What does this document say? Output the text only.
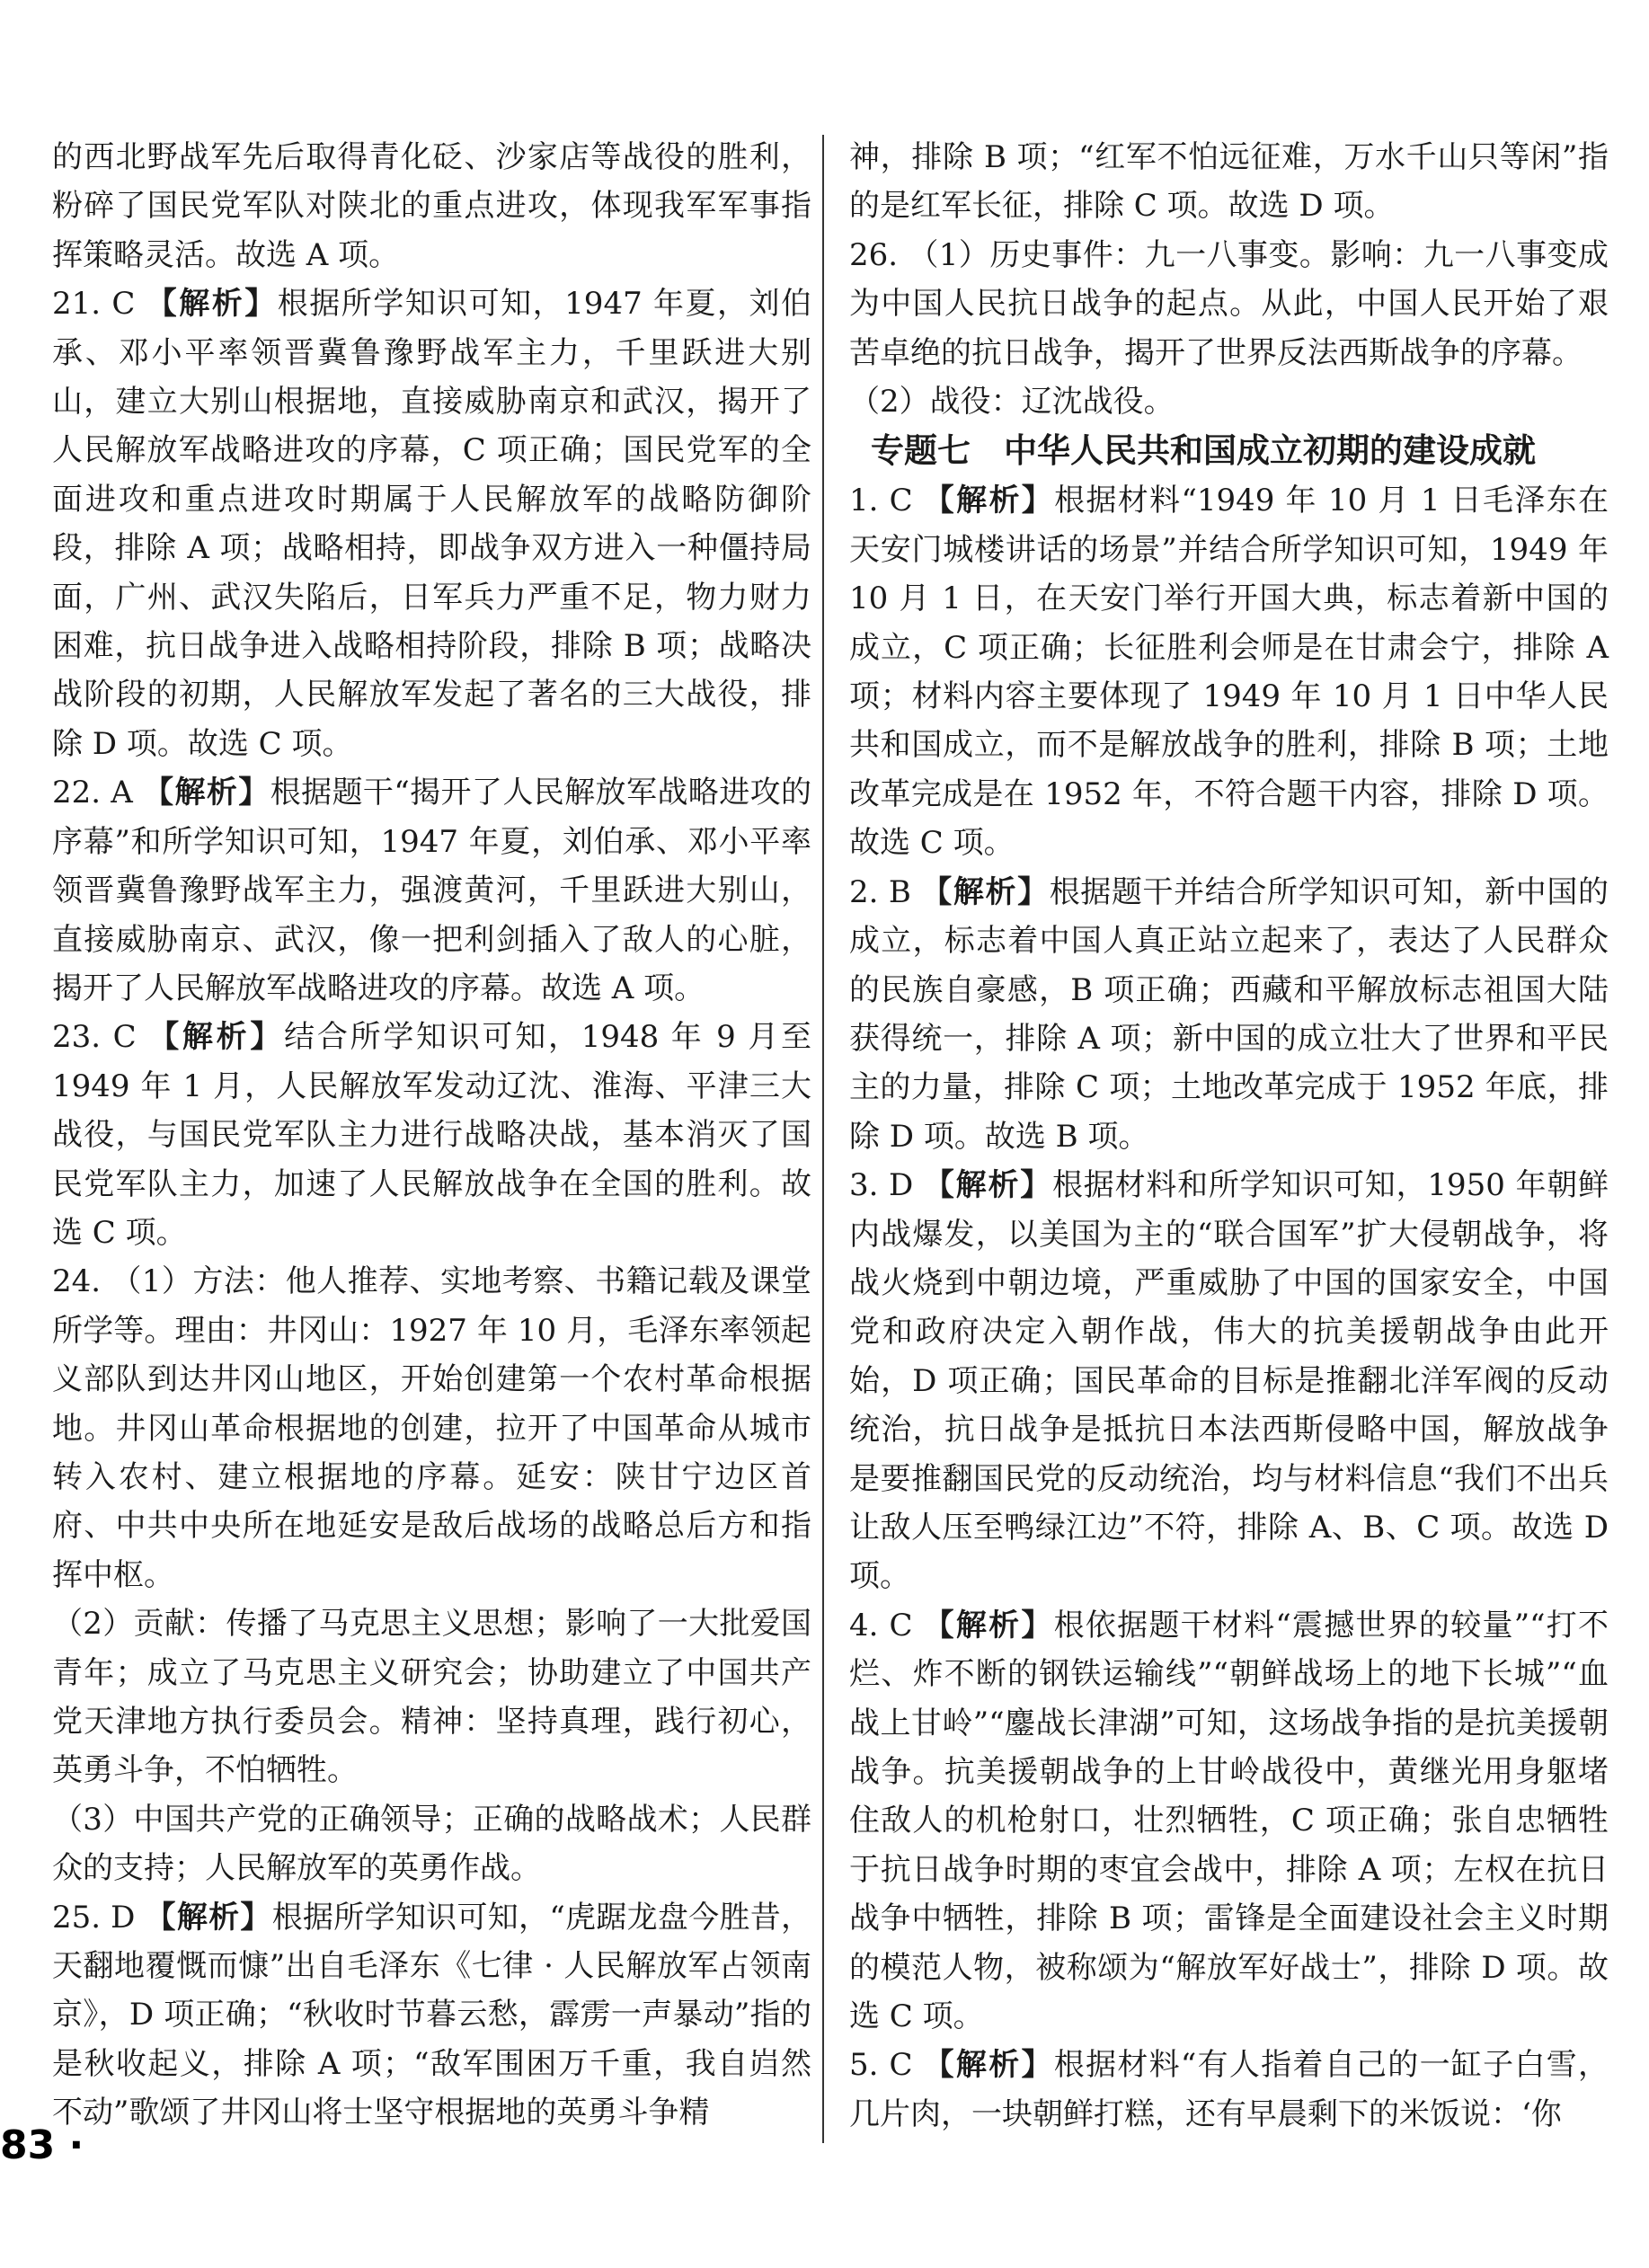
的西北野战军先后取得青化砭、沙家店等战役的胜利，粉碎了国民党军队对陕北的重点进攻，体现我军军事指挥策略灵活。故选 A 项。

21. C 【解析】根据所学知识可知，1947 年夏，刘伯承、邓小平率领晋冀鲁豫野战军主力，千里跃进大别山，建立大别山根据地，直接威胁南京和武汉，揭开了人民解放军战略进攻的序幕，C 项正确；国民党军的全面进攻和重点进攻时期属于人民解放军的战略防御阶段，排除 A 项；战略相持，即战争双方进入一种僵持局面，广州、武汉失陷后，日军兵力严重不足，物力财力困难，抗日战争进入战略相持阶段，排除 B 项；战略决战阶段的初期，人民解放军发起了著名的三大战役，排除 D 项。故选 C 项。

22. A 【解析】根据题干“揭开了人民解放军战略进攻的序幕”和所学知识可知，1947 年夏，刘伯承、邓小平率领晋冀鲁豫野战军主力，强渡黄河，千里跃进大别山，直接威胁南京、武汉，像一把利剑插入了敌人的心脏，揭开了人民解放军战略进攻的序幕。故选 A 项。

23. C 【解析】结合所学知识可知，1948 年 9 月至 1949 年 1 月，人民解放军发动辽沈、淮海、平津三大战役，与国民党军队主力进行战略决战，基本消灭了国民党军队主力，加速了人民解放战争在全国的胜利。故选 C 项。

24. （1）方法：他人推荐、实地考察、书籍记载及课堂所学等。理由：井冈山：1927 年 10 月，毛泽东率领起义部队到达井冈山地区，开始创建第一个农村革命根据地。井冈山革命根据地的创建，拉开了中国革命从城市转入农村、建立根据地的序幕。延安：陕甘宁边区首府、中共中央所在地延安是敌后战场的战略总后方和指挥中枢。

（2）贡献：传播了马克思主义思想；影响了一大批爱国青年；成立了马克思主义研究会；协助建立了中国共产党天津地方执行委员会。精神：坚持真理，践行初心，英勇斗争，不怕牺牲。

（3）中国共产党的正确领导；正确的战略战术；人民群众的支持；人民解放军的英勇作战。

25. D 【解析】根据所学知识可知，“虎踞龙盘今胜昔，天翻地覆慨而慷”出自毛泽东《七律 · 人民解放军占领南京》，D 项正确；“秋收时节暮云愁，霹雳一声暴动”指的是秋收起义，排除 A 项；“敌军围困万千重，我自岿然不动”歌颂了井冈山将士坚守根据地的英勇斗争精

神，排除 B 项；“红军不怕远征难，万水千山只等闲”指的是红军长征，排除 C 项。故选 D 项。

26. （1）历史事件：九一八事变。影响：九一八事变成为中国人民抗日战争的起点。从此，中国人民开始了艰苦卓绝的抗日战争，揭开了世界反法西斯战争的序幕。

（2）战役：辽沈战役。

专题七　中华人民共和国成立初期的建设成就

1. C 【解析】根据材料“1949 年 10 月 1 日毛泽东在天安门城楼讲话的场景”并结合所学知识可知，1949 年 10 月 1 日，在天安门举行开国大典，标志着新中国的成立，C 项正确；长征胜利会师是在甘肃会宁，排除 A 项；材料内容主要体现了 1949 年 10 月 1 日中华人民共和国成立，而不是解放战争的胜利，排除 B 项；土地改革完成是在 1952 年，不符合题干内容，排除 D 项。故选 C 项。

2. B 【解析】根据题干并结合所学知识可知，新中国的成立，标志着中国人真正站立起来了，表达了人民群众的民族自豪感，B 项正确；西藏和平解放标志祖国大陆获得统一，排除 A 项；新中国的成立壮大了世界和平民主的力量，排除 C 项；土地改革完成于 1952 年底，排除 D 项。故选 B 项。

3. D 【解析】根据材料和所学知识可知，1950 年朝鲜内战爆发，以美国为主的“联合国军”扩大侵朝战争，将战火烧到中朝边境，严重威胁了中国的国家安全，中国党和政府决定入朝作战，伟大的抗美援朝战争由此开始，D 项正确；国民革命的目标是推翻北洋军阀的反动统治，抗日战争是抵抗日本法西斯侵略中国，解放战争是要推翻国民党的反动统治，均与材料信息“我们不出兵让敌人压至鸭绿江边”不符，排除 A、B、C 项。故选 D 项。

4. C 【解析】根依据题干材料“震撼世界的较量”“打不烂、炸不断的钢铁运输线”“朝鲜战场上的地下长城”“血战上甘岭”“鏖战长津湖”可知，这场战争指的是抗美援朝战争。抗美援朝战争的上甘岭战役中，黄继光用身躯堵住敌人的机枪射口，壮烈牺牲，C 项正确；张自忠牺牲于抗日战争时期的枣宜会战中，排除 A 项；左权在抗日战争中牺牲，排除 B 项；雷锋是全面建设社会主义时期的模范人物，被称颂为“解放军好战士”，排除 D 项。故选 C 项。

5. C 【解析】根据材料“有人指着自己的一缸子白雪，几片肉，一块朝鲜打糕，还有早晨剩下的米饭说：‘你

83 ·
